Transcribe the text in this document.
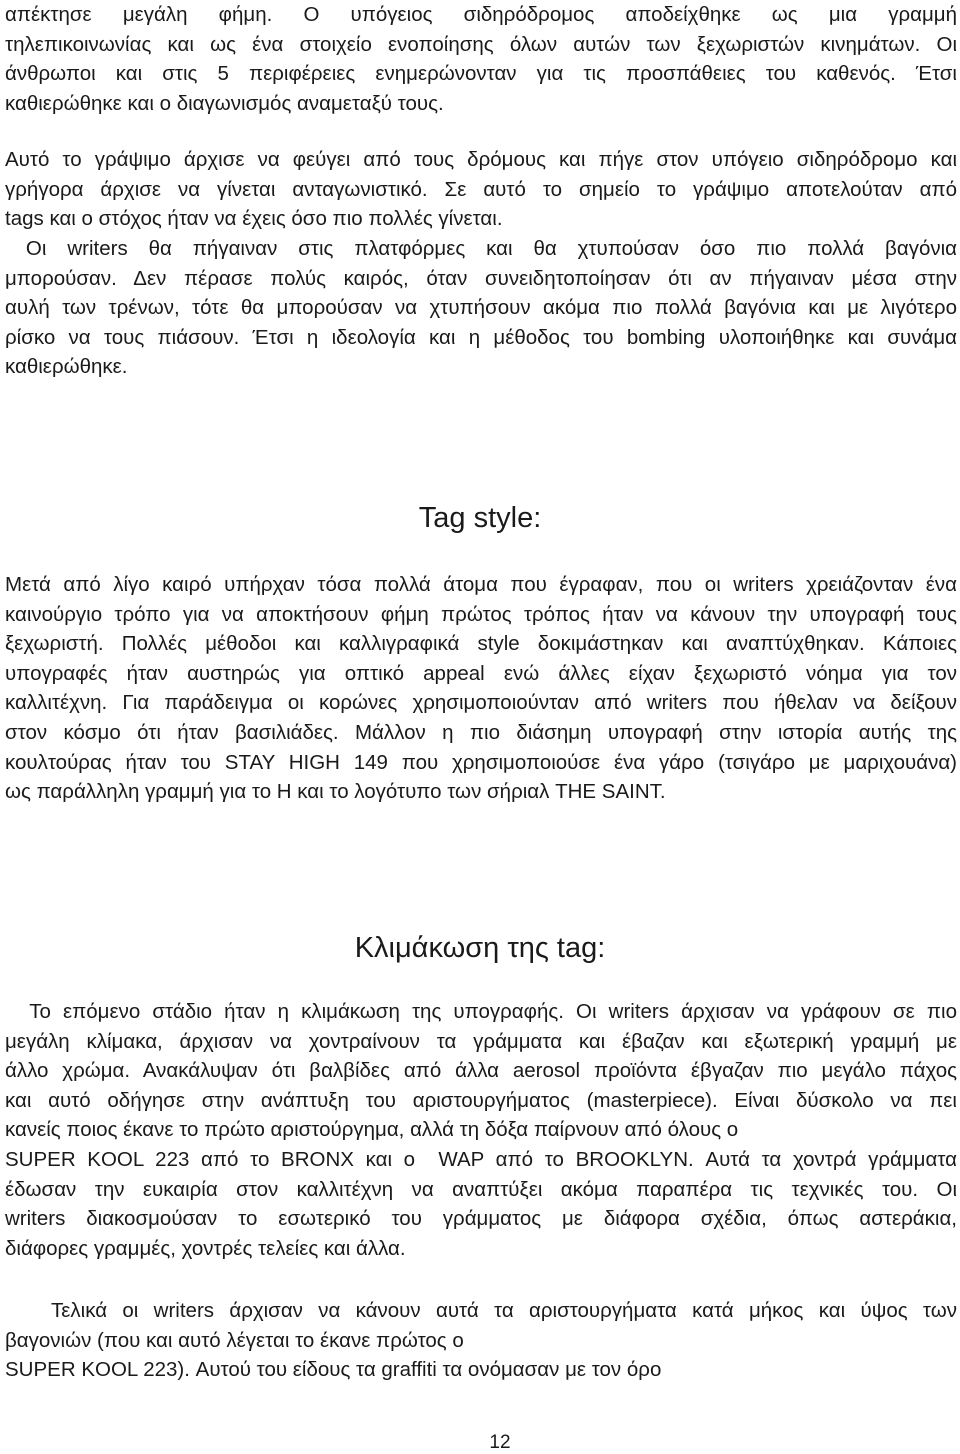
απέκτησε μεγάλη φήμη. Ο υπόγειος σιδηρόδρομος αποδείχθηκε ως μια γραμμή
τηλεπικοινωνίας και ως ένα στοιχείο ενοποίησης όλων αυτών των ξεχωριστών κινημάτων. Οι
άνθρωποι και στις 5 περιφέρειες ενημερώνονταν για τις προσπάθειες του καθενός. Έτσι
καθιερώθηκε και ο διαγωνισμός αναμεταξύ τους.
Αυτό το γράψιμο άρχισε να φεύγει από τους δρόμους και πήγε στον υπόγειο σιδηρόδρομο και
γρήγορα άρχισε να γίνεται ανταγωνιστικό. Σε αυτό το σημείο το γράψιμο αποτελούταν από
tags και ο στόχος ήταν να έχεις όσο πιο πολλές γίνεται.
Οι writers θα πήγαιναν στις πλατφόρμες και θα χτυπούσαν όσο πιο πολλά βαγόνια
μπορούσαν. Δεν πέρασε πολύς καιρός, όταν συνειδητοποίησαν ότι αν πήγαιναν μέσα στην
αυλή των τρένων, τότε θα μπορούσαν να χτυπήσουν ακόμα πιο πολλά βαγόνια και με λιγότερο
ρίσκο να τους πιάσουν. Έτσι η ιδεολογία και η μέθοδος του bombing υλοποιήθηκε και συνάμα
καθιερώθηκε.
Tag style:
Μετά από λίγο καιρό υπήρχαν τόσα πολλά άτομα που έγραφαν, που οι writers χρειάζονταν ένα
καινούργιο τρόπο για να αποκτήσουν φήμη πρώτος τρόπος ήταν να κάνουν την υπογραφή τους
ξεχωριστή. Πολλές μέθοδοι και καλλιγραφικά style δοκιμάστηκαν και αναπτύχθηκαν. Κάποιες
υπογραφές ήταν αυστηρώς για οπτικό appeal ενώ άλλες είχαν ξεχωριστό νόημα για τον
καλλιτέχνη. Για παράδειγμα οι κορώνες χρησιμοποιούνταν από writers που ήθελαν να δείξουν
στον κόσμο ότι ήταν βασιλιάδες. Μάλλον η πιο διάσημη υπογραφή στην ιστορία αυτής της
κουλτούρας ήταν του STAY HIGH 149 που χρησιμοποιούσε ένα γάρο (τσιγάρο με μαριχουάνα)
ως παράλληλη γραμμή για το Η και το λογότυπο των σήριαλ THE SAINT.
Κλιμάκωση της tag:
Το επόμενο στάδιο ήταν η κλιμάκωση της υπογραφής. Οι writers άρχισαν να γράφουν σε πιο
μεγάλη κλίμακα, άρχισαν να χοντραίνουν τα γράμματα και έβαζαν και εξωτερική γραμμή με
άλλο χρώμα. Ανακάλυψαν ότι βαλβίδες από άλλα aerosol προϊόντα έβγαζαν πιο μεγάλο πάχος
και αυτό οδήγησε στην ανάπτυξη του αριστουργήματος (masterpiece). Είναι δύσκολο να πει
κανείς ποιος έκανε το πρώτο αριστούργημα, αλλά τη δόξα παίρνουν από όλους ο
SUPER KOOL 223 από το BRONX και ο  WAP από το BROOKLYN. Αυτά τα χοντρά γράμματα
έδωσαν την ευκαιρία στον καλλιτέχνη να αναπτύξει ακόμα παραπέρα τις τεχνικές του. Οι
writers διακοσμούσαν το εσωτερικό του γράμματος με διάφορα σχέδια, όπως αστεράκια,
διάφορες γραμμές, χοντρές τελείες και άλλα.
Τελικά οι writers άρχισαν να κάνουν αυτά τα αριστουργήματα κατά μήκος και ύψος των
βαγονιών (που και αυτό λέγεται το έκανε πρώτος ο
SUPER KOOL 223). Αυτού του είδους τα graffiti τα ονόμασαν με τον όρο
12
